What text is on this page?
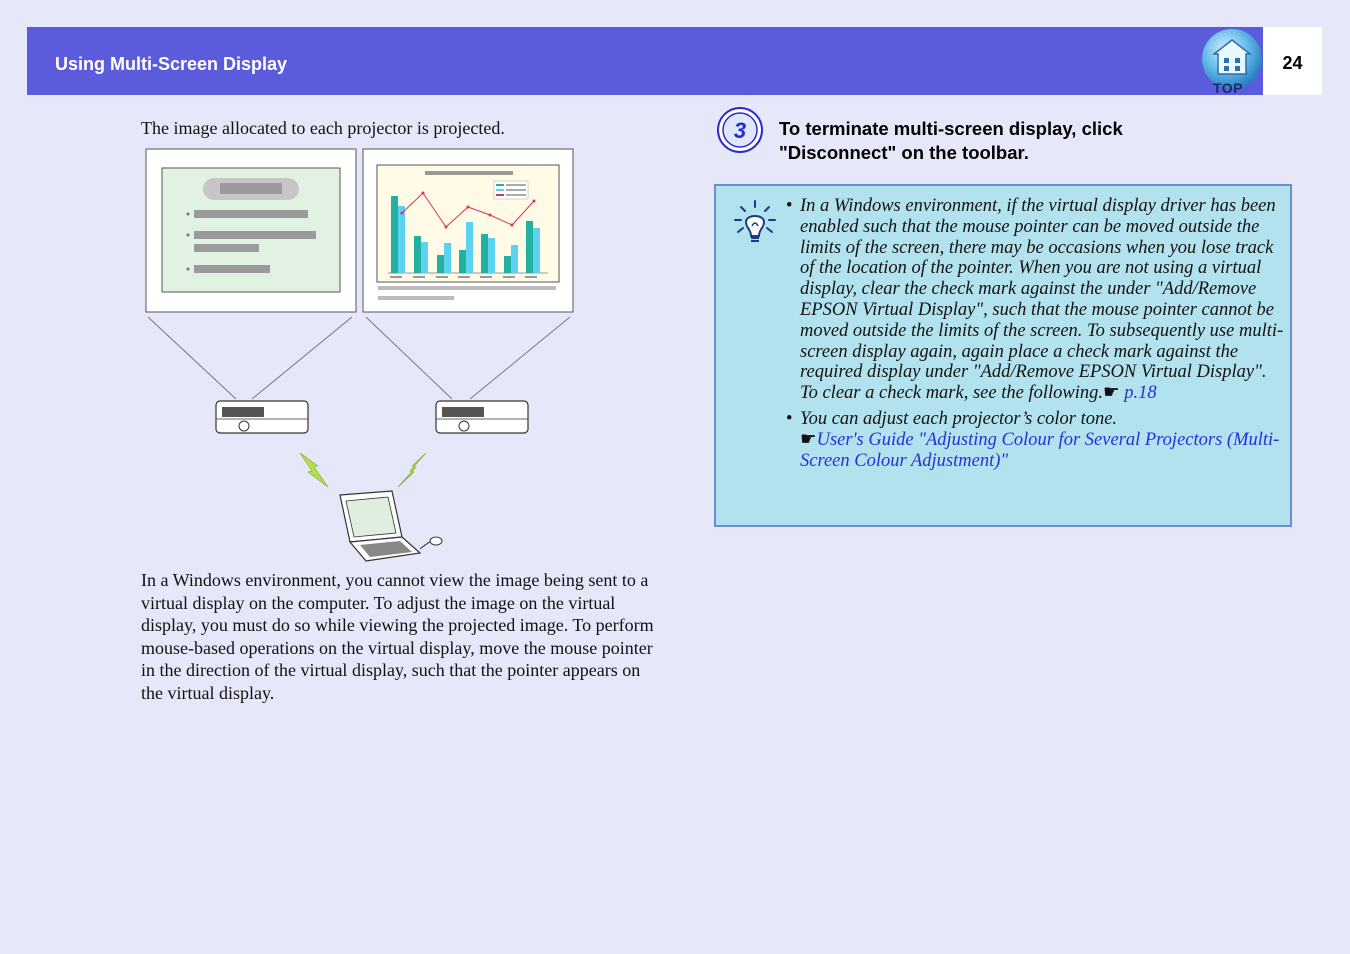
Using Multi-Screen Display
TOP
24
The image allocated to each projector is projected.

In a Windows environment, you cannot view the image being sent to a virtual display on the computer. To adjust the image on the virtual display, you must do so while viewing the projected image. To perform mouse-based operations on the virtual display, move the mouse pointer in the direction of the virtual display, such that the pointer appears on the virtual display.

3 To terminate multi-screen display, click "Disconnect" on the toolbar.
• In a Windows environment, if the virtual display driver has been enabled such that the mouse pointer can be moved outside the limits of the screen, there may be occasions when you lose track of the location of the pointer. When you are not using a virtual display, clear the check mark against the under "Add/Remove EPSON Virtual Display", such that the mouse pointer cannot be moved outside the limits of the screen. To subsequently use multi-screen display again, again place a check mark against the required display under "Add/Remove EPSON Virtual Display".
To clear a check mark, see the following.☛ p.18
• You can adjust each projector’s color tone.
☛User's Guide "Adjusting Colour for Several Projectors (Multi-Screen Colour Adjustment)"
